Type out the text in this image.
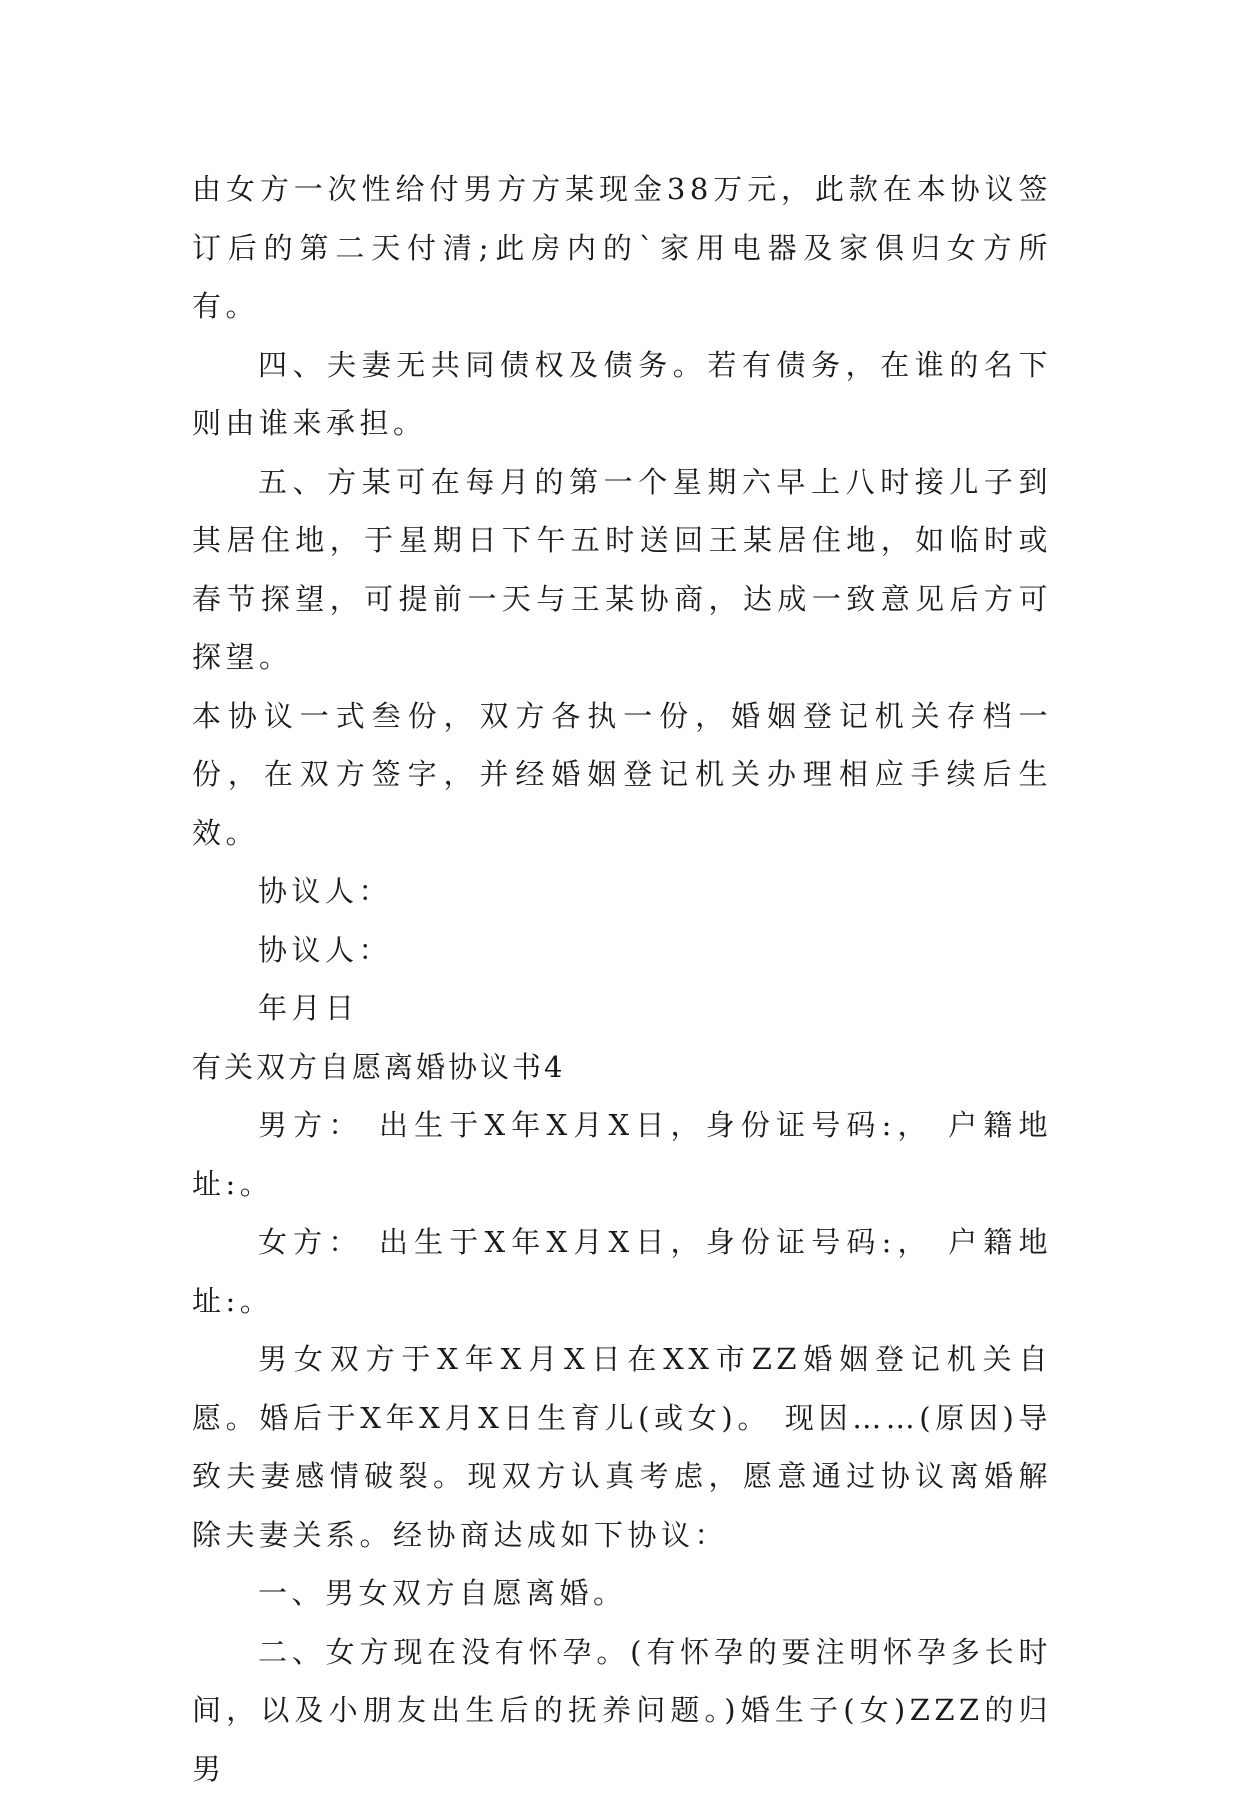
由女方一次性给付男方方某现金38万元，此款在本协议签订后的第二天付清;此房内的`家用电器及家俱归女方所有。

四、夫妻无共同债权及债务。若有债务，在谁的名下则由谁来承担。

五、方某可在每月的第一个星期六早上八时接儿子到其居住地，于星期日下午五时送回王某居住地，如临时或春节探望，可提前一天与王某协商，达成一致意见后方可探望。

本协议一式叁份，双方各执一份，婚姻登记机关存档一份，在双方签字，并经婚姻登记机关办理相应手续后生效。

协议人：

协议人：

年月日

有关双方自愿离婚协议书4

男方： 出生于X年X月X日，身份证号码:， 户籍地址:。

女方： 出生于X年X月X日，身份证号码:， 户籍地址:。

男女双方于X年X月X日在XX市ZZ婚姻登记机关自愿。婚后于X年X月X日生育儿(或女)。 现因……(原因)导致夫妻感情破裂。现双方认真考虑，愿意通过协议离婚解除夫妻关系。经协商达成如下协议：

一、男女双方自愿离婚。

二、女方现在没有怀孕。(有怀孕的要注明怀孕多长时间，以及小朋友出生后的抚养问题。)婚生子(女)ZZZ的归男
